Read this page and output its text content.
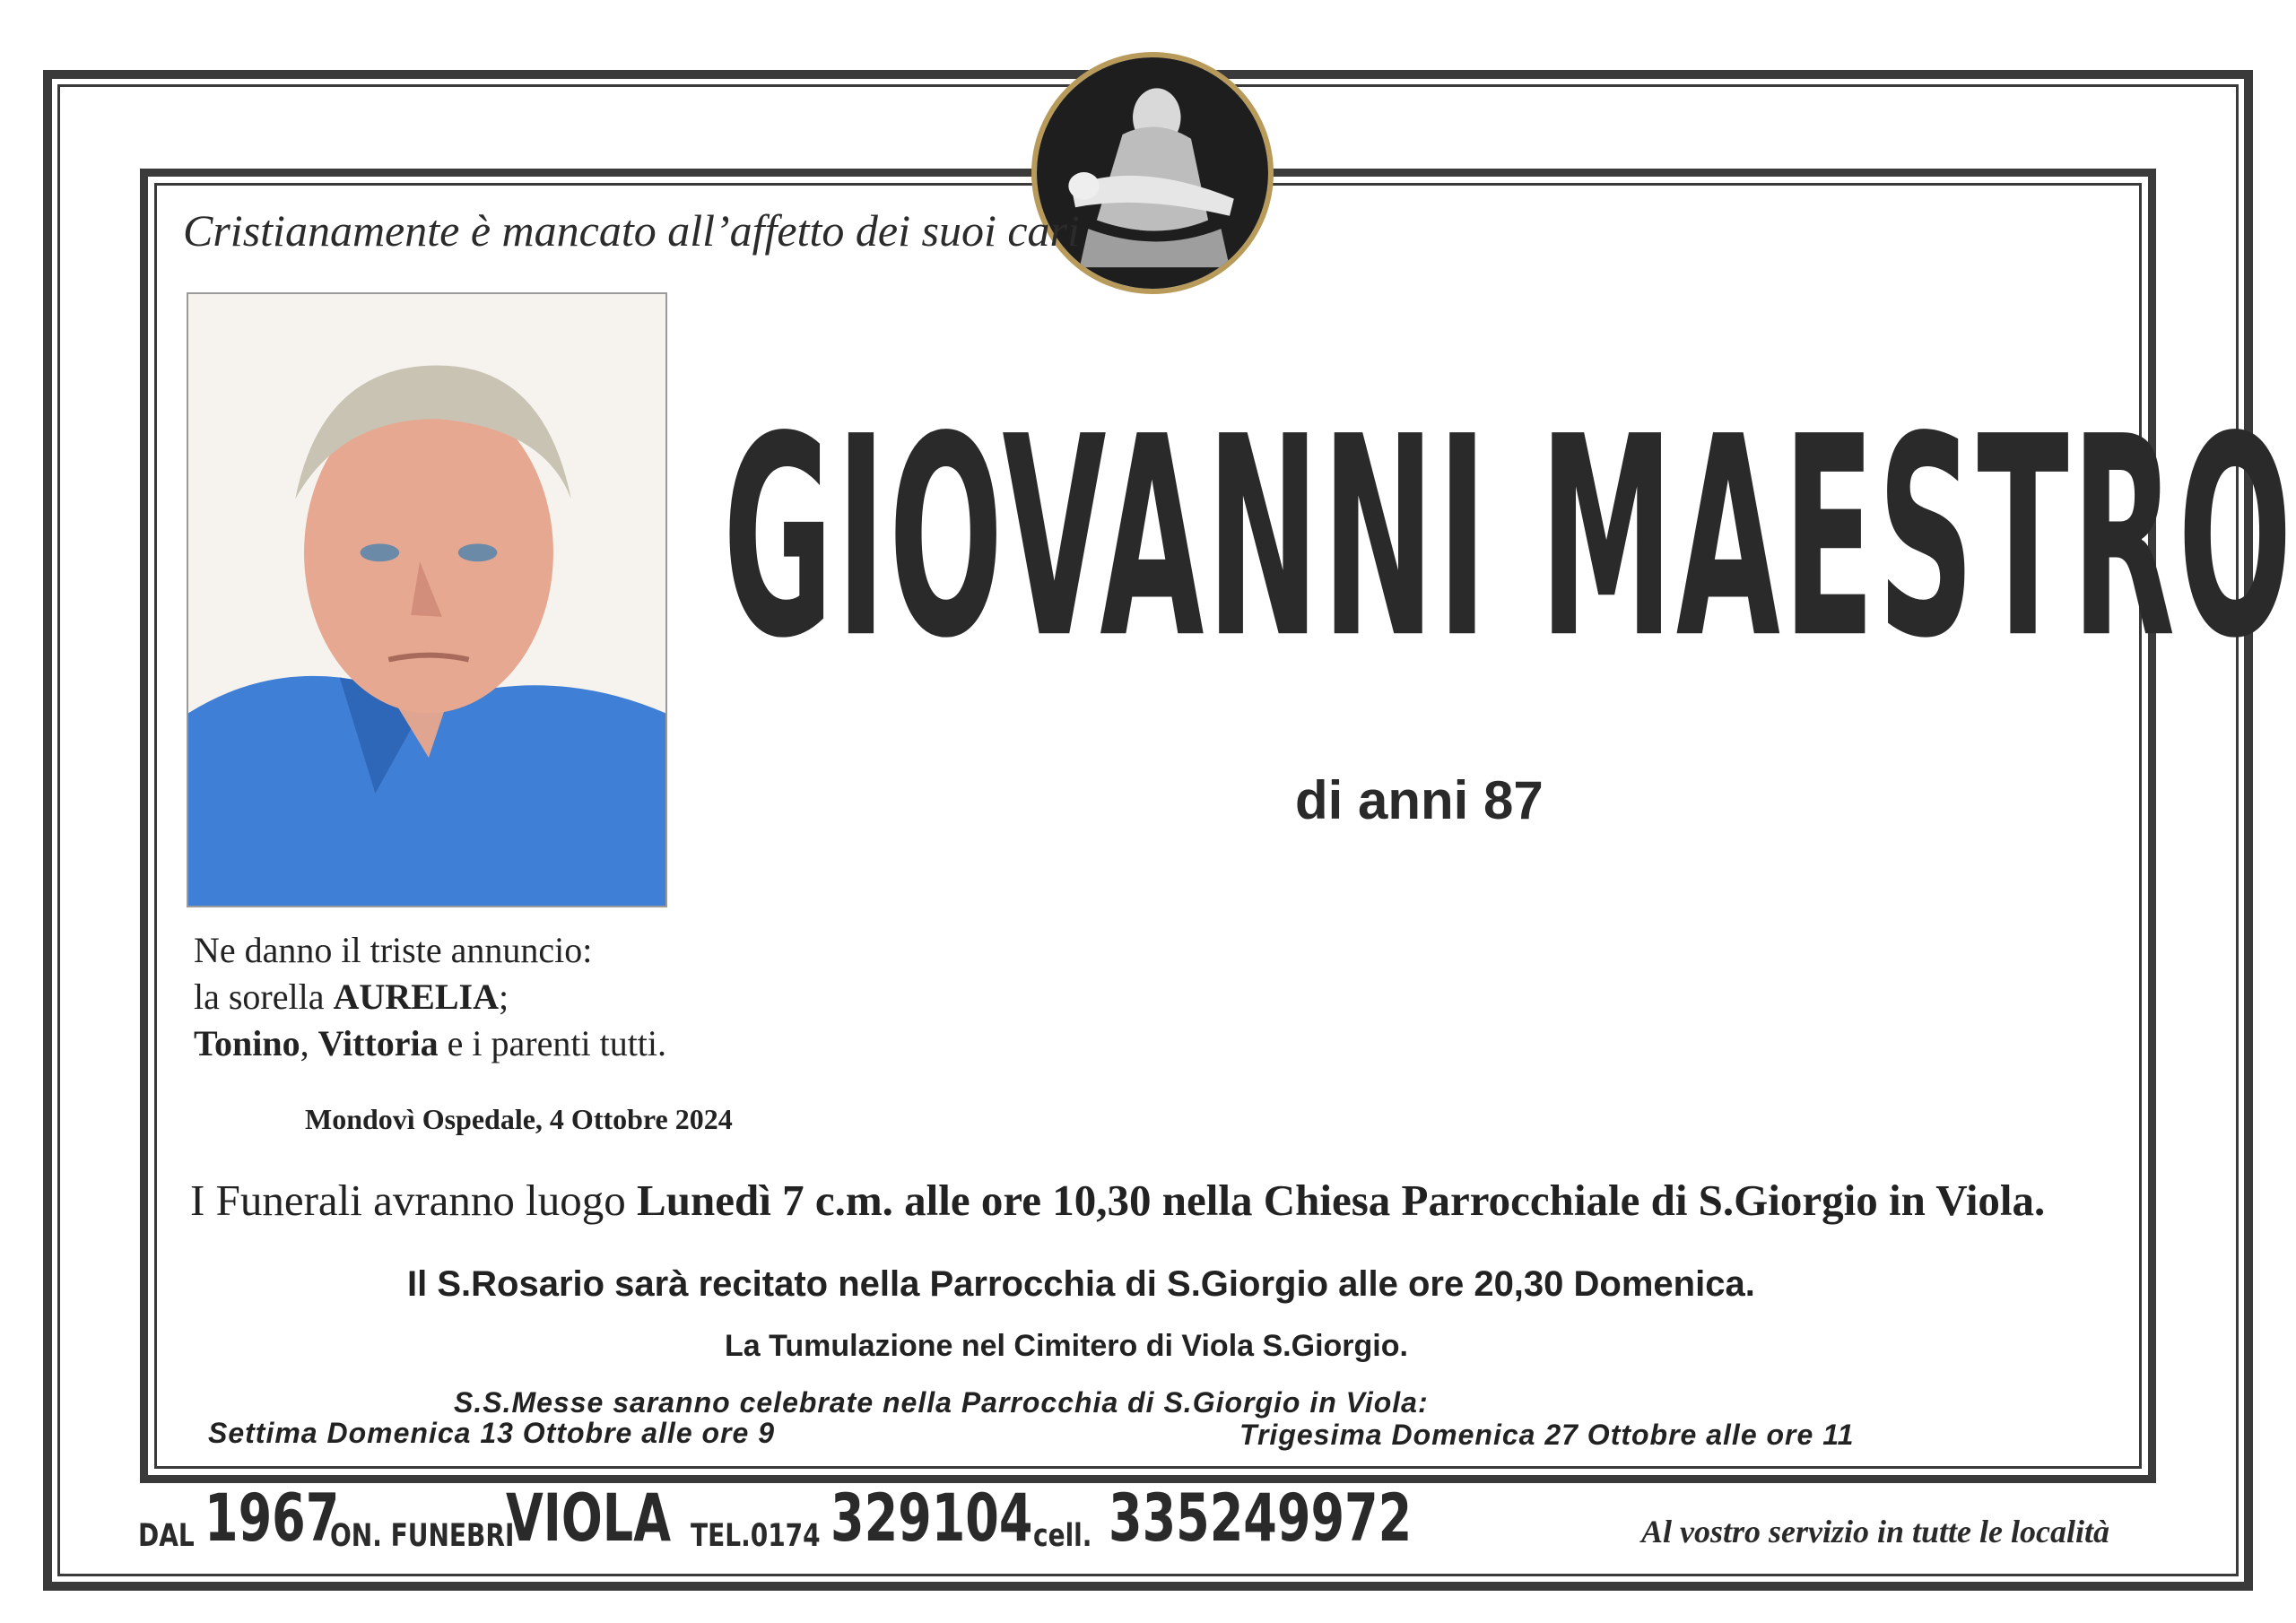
Cristianamente è mancato all’affetto dei suoi cari
GIOVANNI MAESTRO
di anni 87
Ne danno il triste annuncio:
la sorella AURELIA;
Tonino, Vittoria e i parenti tutti.
Mondovì Ospedale, 4 Ottobre 2024
I Funerali avranno luogo Lunedì 7 c.m. alle ore 10,30 nella Chiesa Parrocchiale di S.Giorgio in Viola.
Il S.Rosario sarà recitato nella Parrocchia di S.Giorgio alle ore 20,30 Domenica.
La Tumulazione nel Cimitero di Viola S.Giorgio.
S.S.Messe saranno celebrate nella Parrocchia di S.Giorgio in Viola:
Settima Domenica 13 Ottobre alle ore 9	Trigesima Domenica 27 Ottobre alle ore 11
DAL 1967
ON. FUNEBRI
VIOLA TEL.0174 329104 cell. 335249972	Al vostro servizio in tutte le località
